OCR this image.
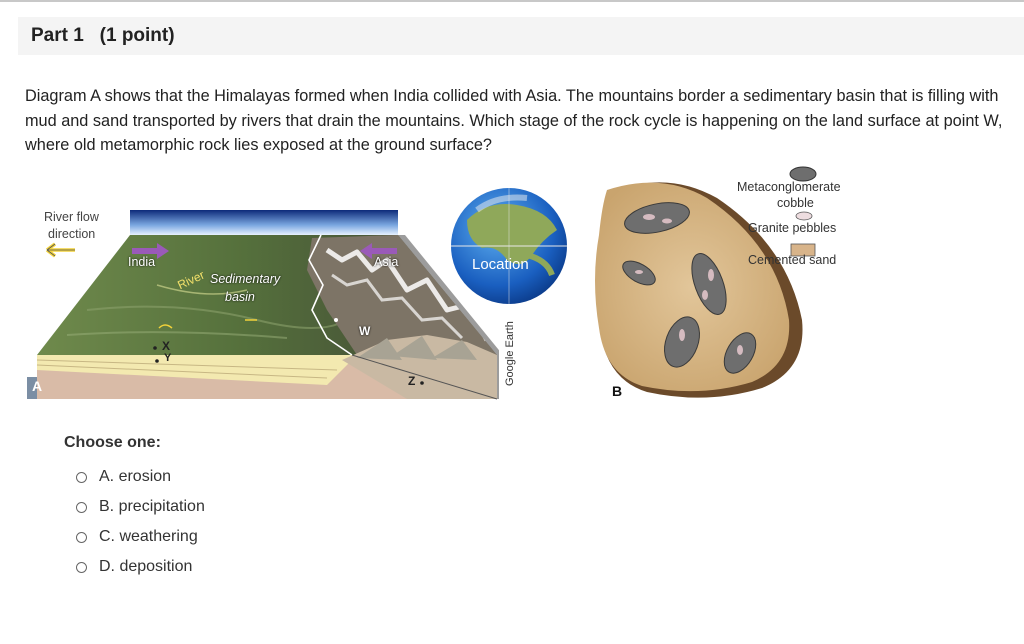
Part 1   (1 point)
Diagram A shows that the Himalayas formed when India collided with Asia. The mountains border a sedimentary basin that is filling with mud and sand transported by rivers that drain the mountains. Which stage of the rock cycle is happening on the land surface at point W, where old metamorphic rock lies exposed at the ground surface?
A
River flow
direction
India	Asia
River Sedimentary
basin
W
X
Y
Z	Google Earth
Location
B
Metaconglomerate
cobble
Granite pebbles
Cemented sand
Choose one:
A. erosion
B. precipitation
C. weathering
D. deposition
